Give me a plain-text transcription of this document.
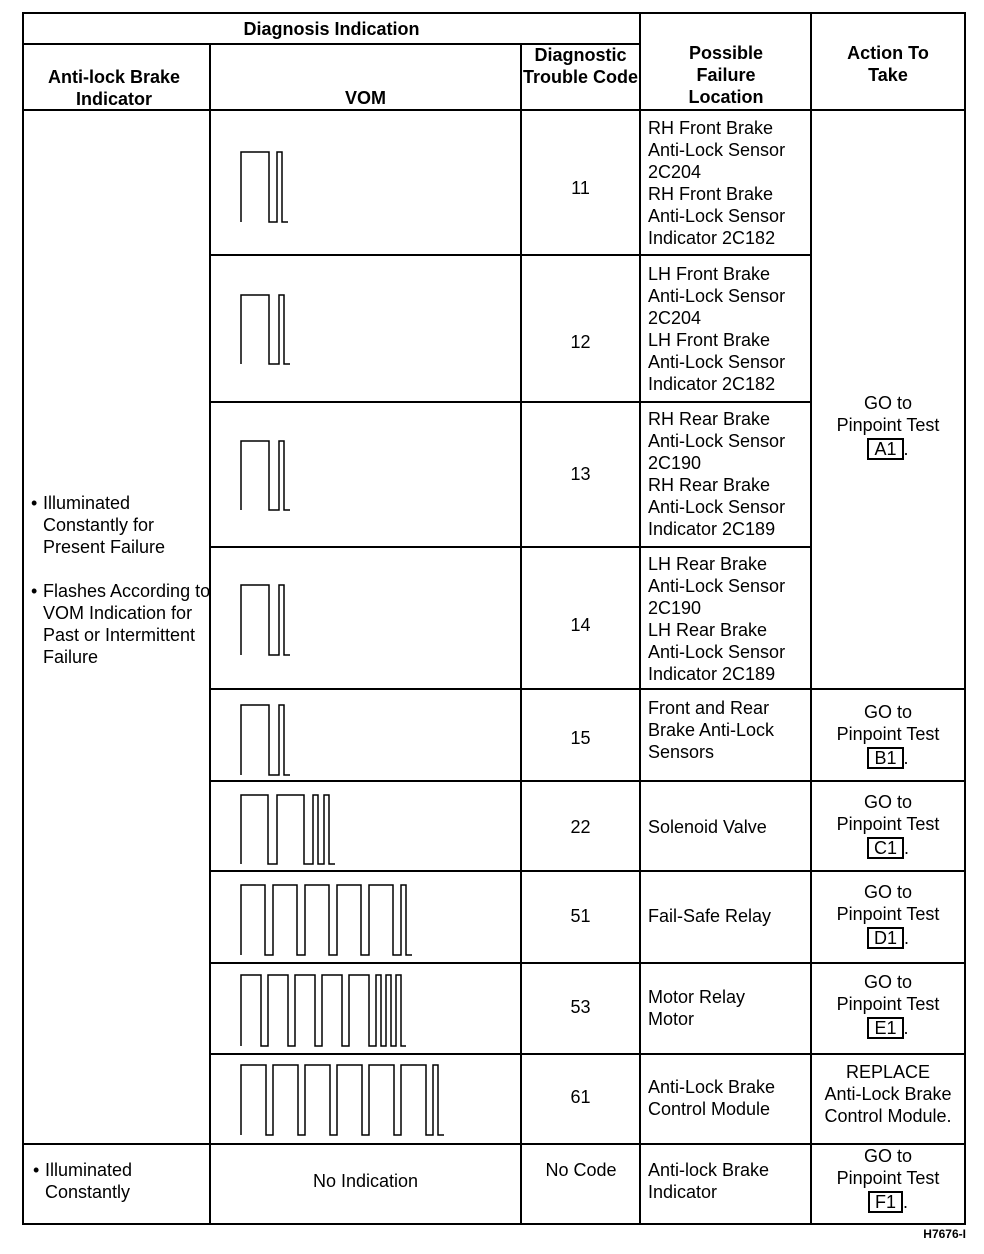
Diagnosis Indication
Anti-lock Brake Indicator	VOM
Diagnostic Trouble Code
Possible Failure Location
Action To Take
• Illuminated Constantly for Present Failure
• Flashes According to VOM Indication for Past or Intermittent Failure
• Illuminated Constantly
11
12
13
14
15
22
51
53
61
RH Front Brake
Anti-Lock Sensor
2C204
RH Front Brake
Anti-Lock Sensor
Indicator 2C182
LH Front Brake
Anti-Lock Sensor
2C204
LH Front Brake
Anti-Lock Sensor
Indicator 2C182
RH Rear Brake
Anti-Lock Sensor
2C190
RH Rear Brake
Anti-Lock Sensor
Indicator 2C189
LH Rear Brake
Anti-Lock Sensor
2C190
LH Rear Brake
Anti-Lock Sensor
Indicator 2C189
Front and Rear
Brake Anti-Lock
Sensors
Solenoid Valve
Fail-Safe Relay
Motor Relay
Motor
Anti-Lock Brake
Control Module
No Indication
No Code Anti-lock Brake
Indicator
GO to
Pinpoint Test
A1 .
GO to
Pinpoint Test
B1 .
GO to
Pinpoint Test
C1 .
GO to
Pinpoint Test
D1 .
GO to
Pinpoint Test
E1 .
REPLACE
Anti-Lock Brake
Control Module.
GO to
Pinpoint Test
F1 .
H7676-I
